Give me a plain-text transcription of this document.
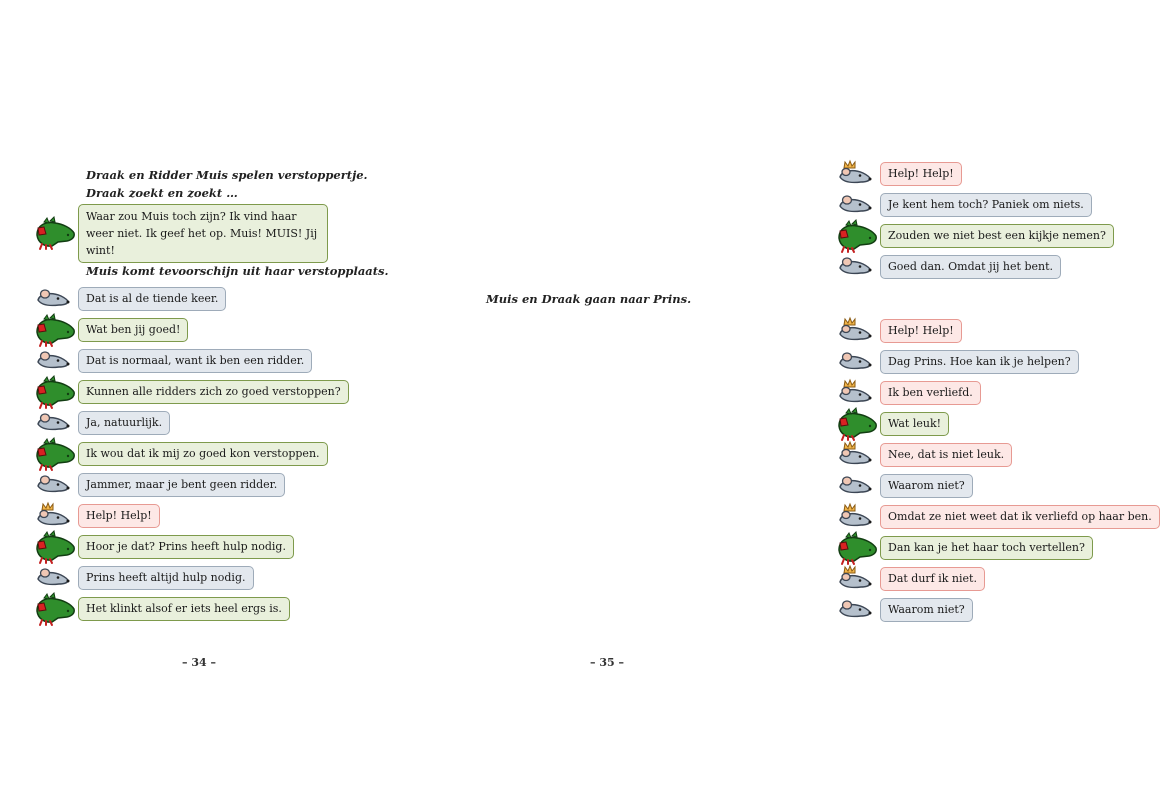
Draak en Ridder Muis spelen verstoppertje.
Draak zoekt en zoekt …
Waar zou Muis toch zijn? Ik vind haar weer niet. Ik geef het op. Muis! MUIS! Jij wint!
Muis komt tevoorschijn uit haar verstopplaats.
Dat is al de tiende keer.
Wat ben jij goed!
Dat is normaal, want ik ben een ridder.
Kunnen alle ridders zich zo goed verstoppen?
Ja, natuurlijk.
Ik wou dat ik mij zo goed kon verstoppen.
Jammer, maar je bent geen ridder.
Help! Help!
Hoor je dat? Prins heeft hulp nodig.
Prins heeft altijd hulp nodig.
Het klinkt alsof er iets heel ergs is.
– 34 –
Help! Help!
Je kent hem toch? Paniek om niets.
Zouden we niet best een kijkje nemen?
Goed dan. Omdat jij het bent.
Muis en Draak gaan naar Prins.
Help! Help!
Dag Prins. Hoe kan ik je helpen?
Ik ben verliefd.
Wat leuk!
Nee, dat is niet leuk.
Waarom niet?
Omdat ze niet weet dat ik verliefd op haar ben.
Dan kan je het haar toch vertellen?
Dat durf ik niet.
Waarom niet?
– 35 –
